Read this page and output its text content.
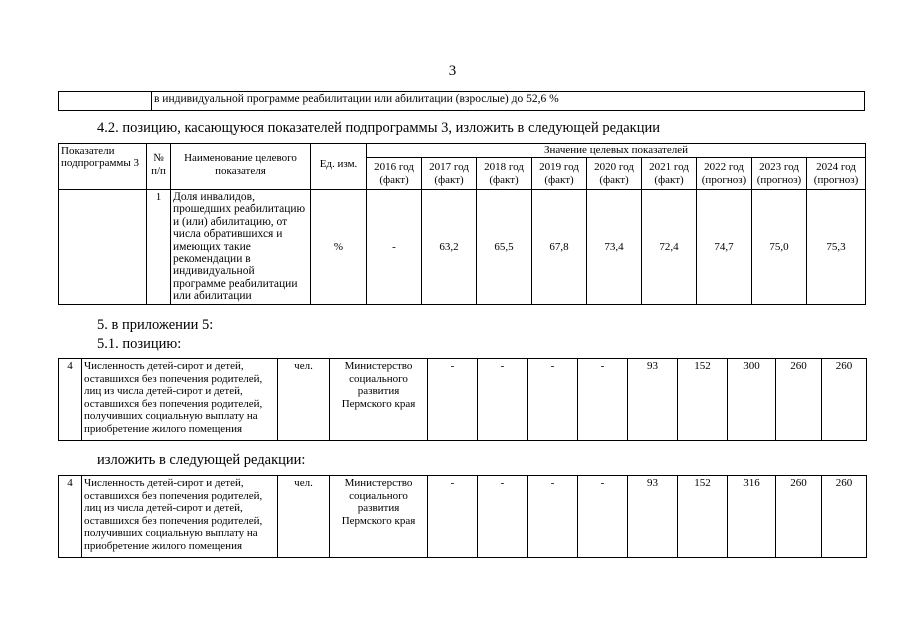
3
	в индивидуальной программе реабилитации или абилитации (взрослые) до 52,6 %
4.2. позицию, касающуюся показателей подпрограммы 3, изложить в следующей редакции
Показатели подпрограммы 3	№ п/п	Наименование целевого показателя	Ед. изм.	Значение целевых показателей								
				2016 год (факт)	2017 год (факт)	2018 год (факт)	2019 год (факт)	2020 год (факт)	2021 год (факт)	2022 год (прогноз)	2023 год (прогноз)	2024 год (прогноз)
	1	Доля инвалидов, прошедших реабилитацию и (или) абилитацию, от числа обратившихся и имеющих такие рекомендации в индивидуальной программе реабилитации или абилитации	%	-	63,2	65,5	67,8	73,4	72,4	74,7	75,0	75,3
5. в приложении 5:
5.1. позицию:
4	Численность детей-сирот и детей, оставшихся без попечения родителей, лиц из числа детей-сирот и детей, оставшихся без попечения родителей, получивших социальную выплату на приобретение жилого помещения	чел.	Министерство социального развития Пермского края	-	-	-	-	93	152	300	260	260
изложить в следующей редакции:
4	Численность детей-сирот и детей, оставшихся без попечения родителей, лиц из числа детей-сирот и детей, оставшихся без попечения родителей, получивших социальную выплату на приобретение жилого помещения	чел.	Министерство социального развития Пермского края	-	-	-	-	93	152	316	260	260
